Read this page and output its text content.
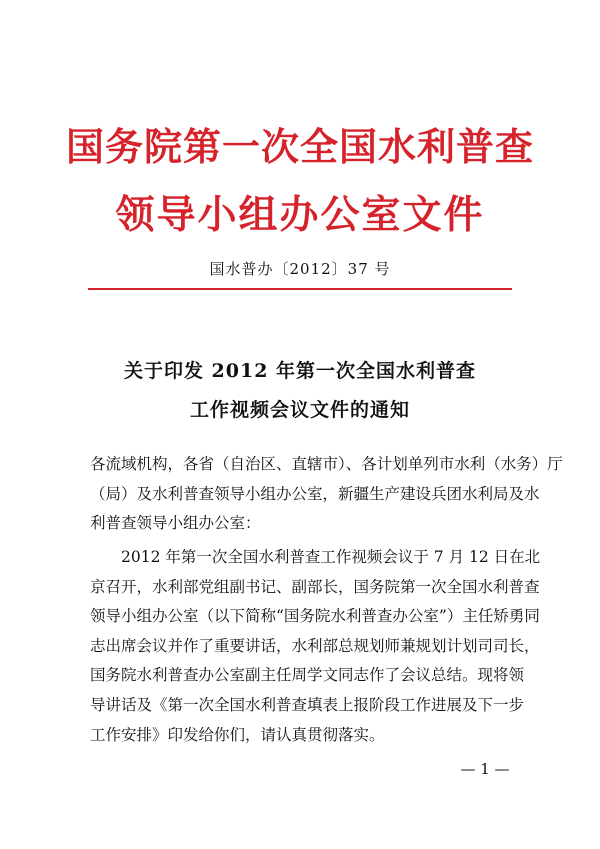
国务院第一次全国水利普查
领导小组办公室文件
国水普办〔2012〕37 号
关于印发 2012 年第一次全国水利普查
工作视频会议文件的通知
各流域机构，各省（自治区、直辖市）、各计划单列市水利（水务）厅
（局）及水利普查领导小组办公室，新疆生产建设兵团水利局及水
利普查领导小组办公室：
2012 年第一次全国水利普查工作视频会议于 7 月 12 日在北
京召开，水利部党组副书记、副部长，国务院第一次全国水利普查
领导小组办公室（以下简称“国务院水利普查办公室”）主任矫勇同
志出席会议并作了重要讲话，水利部总规划师兼规划计划司司长，
国务院水利普查办公室副主任周学文同志作了会议总结。现将领
导讲话及《第一次全国水利普查填表上报阶段工作进展及下一步
工作安排》印发给你们，请认真贯彻落实。
— 1 —
